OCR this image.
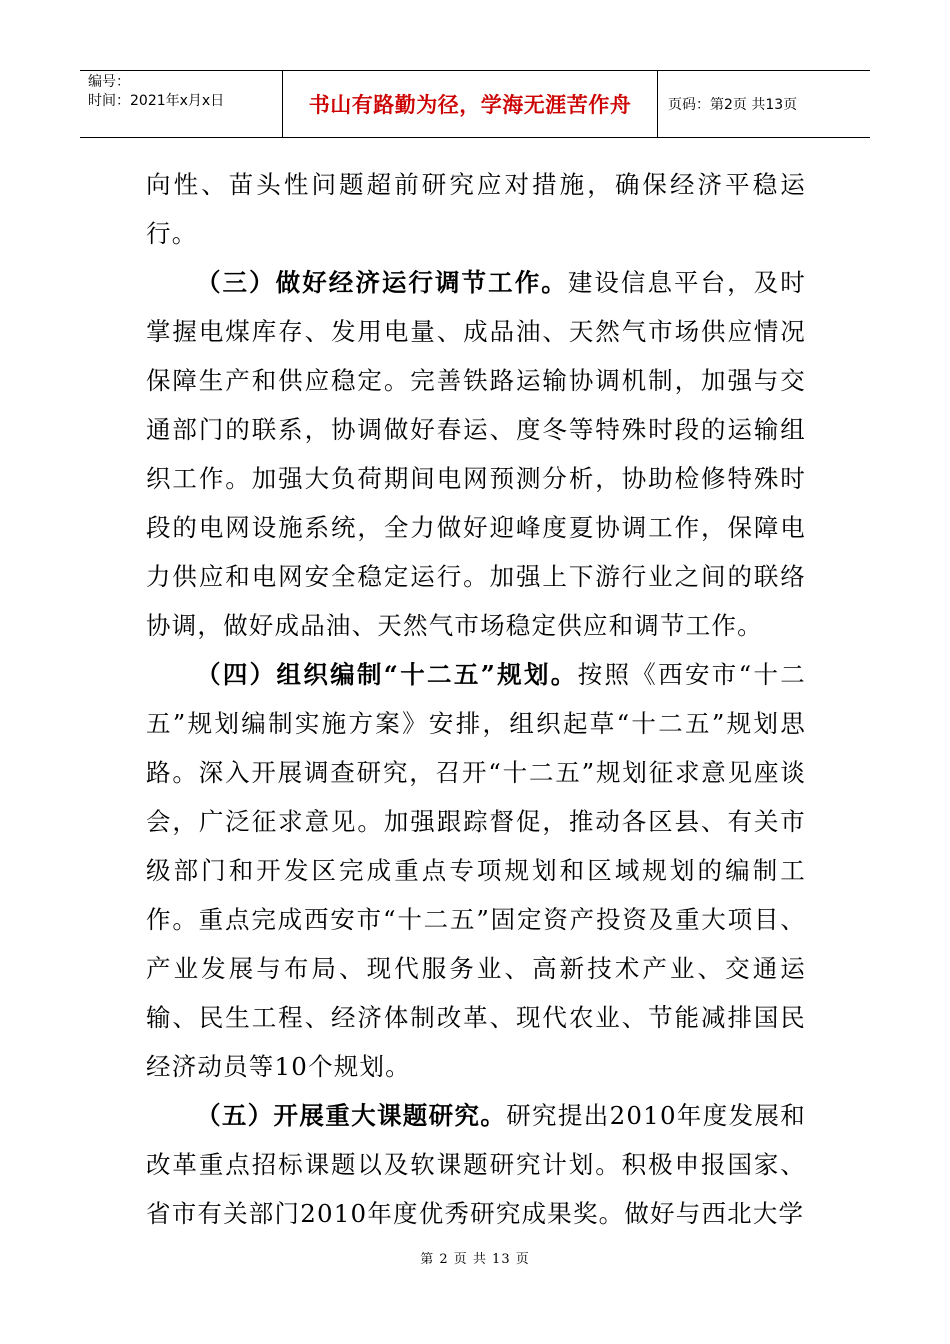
编号：
时间：2021年x月x日	书山有路勤为径，学海无涯苦作舟	页码：第2页 共13页

向性、苗头性问题超前研究应对措施，确保经济平稳运行。

（三）做好经济运行调节工作。建设信息平台，及时掌握电煤库存、发用电量、成品油、天然气市场供应情况保障生产和供应稳定。完善铁路运输协调机制，加强与交通部门的联系，协调做好春运、度冬等特殊时段的运输组织工作。加强大负荷期间电网预测分析，协助检修特殊时段的电网设施系统，全力做好迎峰度夏协调工作，保障电力供应和电网安全稳定运行。加强上下游行业之间的联络协调，做好成品油、天然气市场稳定供应和调节工作。

（四）组织编制“十二五”规划。按照《西安市“十二五”规划编制实施方案》安排，组织起草“十二五”规划思路。深入开展调查研究，召开“十二五”规划征求意见座谈会，广泛征求意见。加强跟踪督促，推动各区县、有关市级部门和开发区完成重点专项规划和区域规划的编制工作。重点完成西安市“十二五”固定资产投资及重大项目、产业发展与布局、现代服务业、高新技术产业、交通运输、民生工程、经济体制改革、现代农业、节能减排国民经济动员等10个规划。

（五）开展重大课题研究。研究提出2010年度发展和改革重点招标课题以及软课题研究计划。积极申报国家、省市有关部门2010年度优秀研究成果奖。做好与西北大学

第 2 页 共 13 页
